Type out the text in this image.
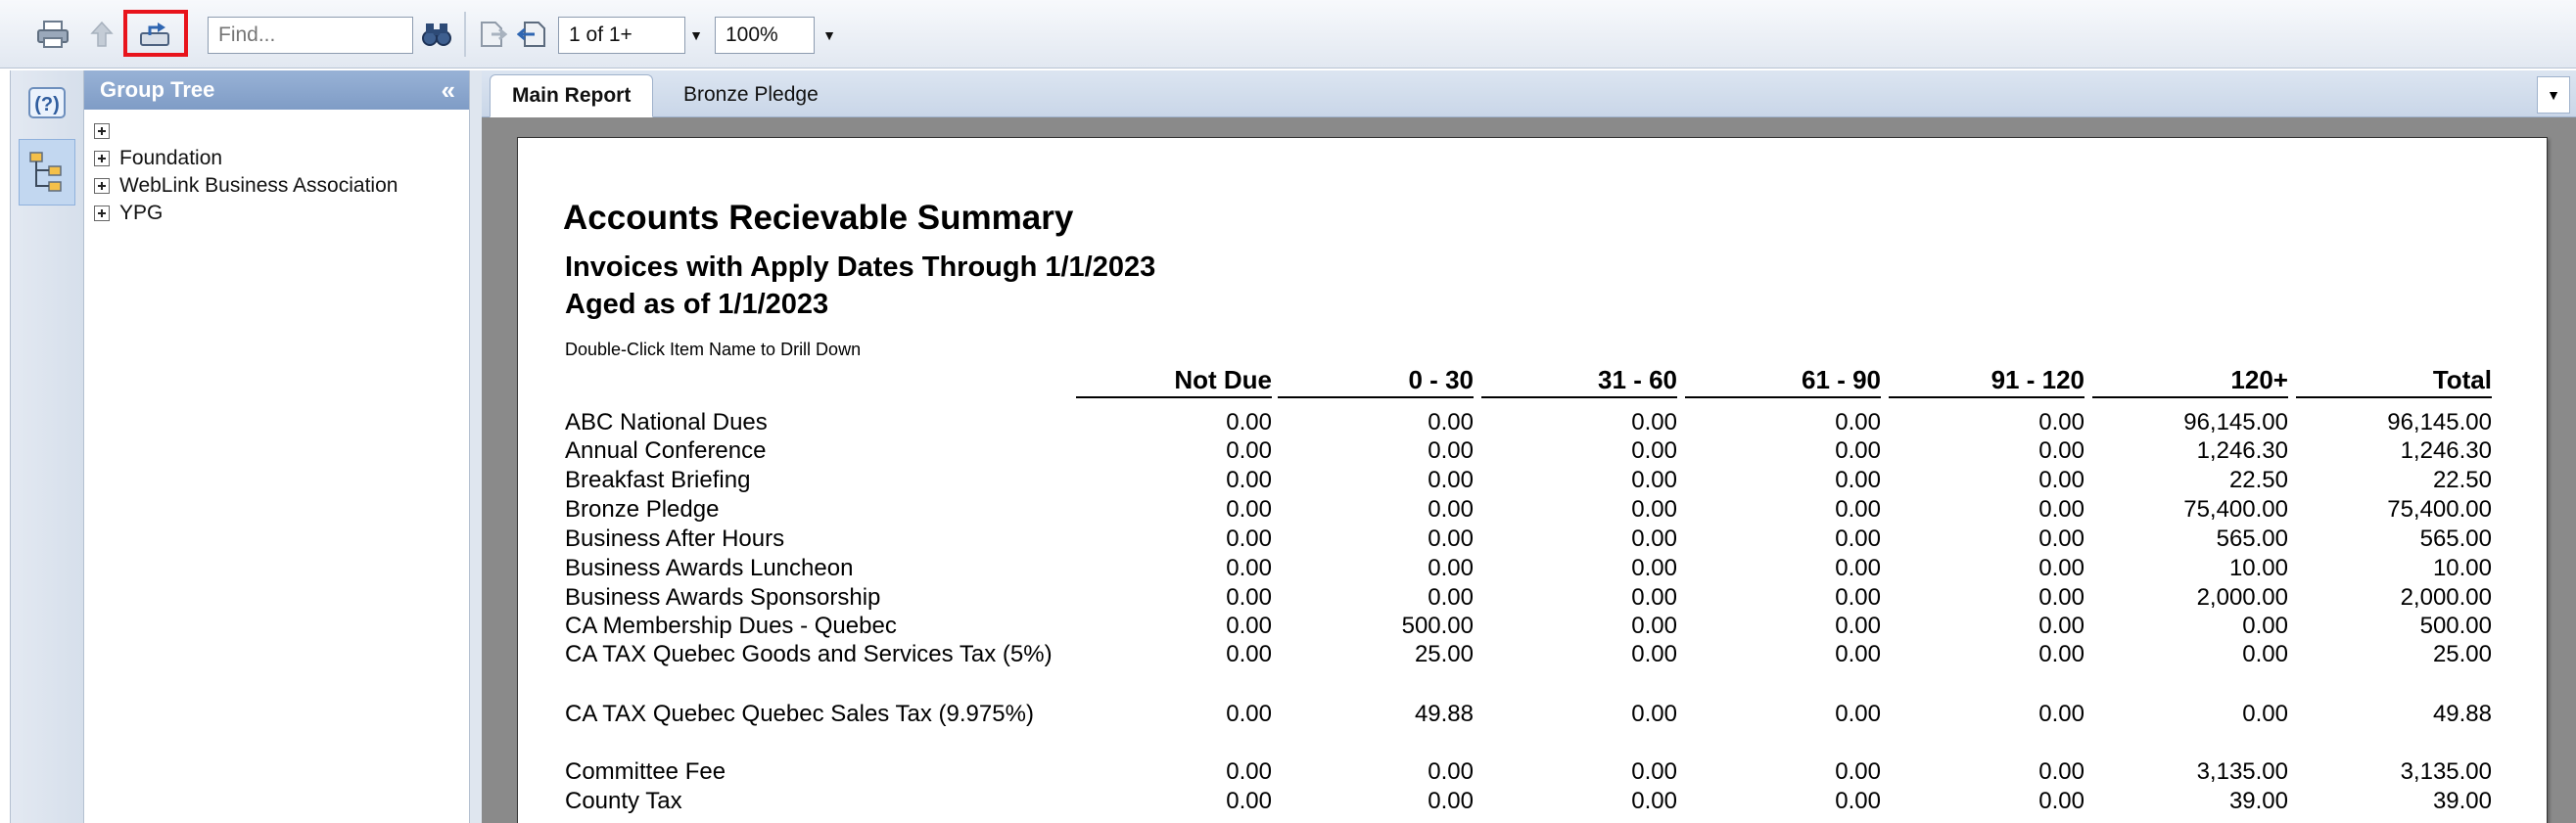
Find...
1 of 1+	▼	100%	▼
(?)
Group Tree	«
Foundation
WebLink Business Association
YPG
Main Report	Bronze Pledge	▼
Accounts Recievable Summary
Invoices with Apply Dates Through 1/1/2023
Aged as of 1/1/2023
Double-Click Item Name to Drill Down
Not Due	0 - 30	31 - 60	61 - 90	91 - 120	120+	Total
ABC National Dues	0.00	0.00	0.00	0.00	0.00	96,145.00	96,145.00
Annual Conference	0.00	0.00	0.00	0.00	0.00	1,246.30	1,246.30
Breakfast Briefing	0.00	0.00	0.00	0.00	0.00	22.50	22.50
Bronze Pledge	0.00	0.00	0.00	0.00	0.00	75,400.00	75,400.00
Business After Hours	0.00	0.00	0.00	0.00	0.00	565.00	565.00
Business Awards Luncheon	0.00	0.00	0.00	0.00	0.00	10.00	10.00
Business Awards Sponsorship	0.00	0.00	0.00	0.00	0.00	2,000.00	2,000.00
CA Membership Dues - Quebec	0.00	500.00	0.00	0.00	0.00	0.00	500.00
CA TAX Quebec Goods and Services Tax (5%)	0.00	25.00	0.00	0.00	0.00	0.00	25.00
CA TAX Quebec Quebec Sales Tax (9.975%)	0.00	49.88	0.00	0.00	0.00	0.00	49.88
Committee Fee	0.00	0.00	0.00	0.00	0.00	3,135.00	3,135.00
County Tax	0.00	0.00	0.00	0.00	0.00	39.00	39.00
